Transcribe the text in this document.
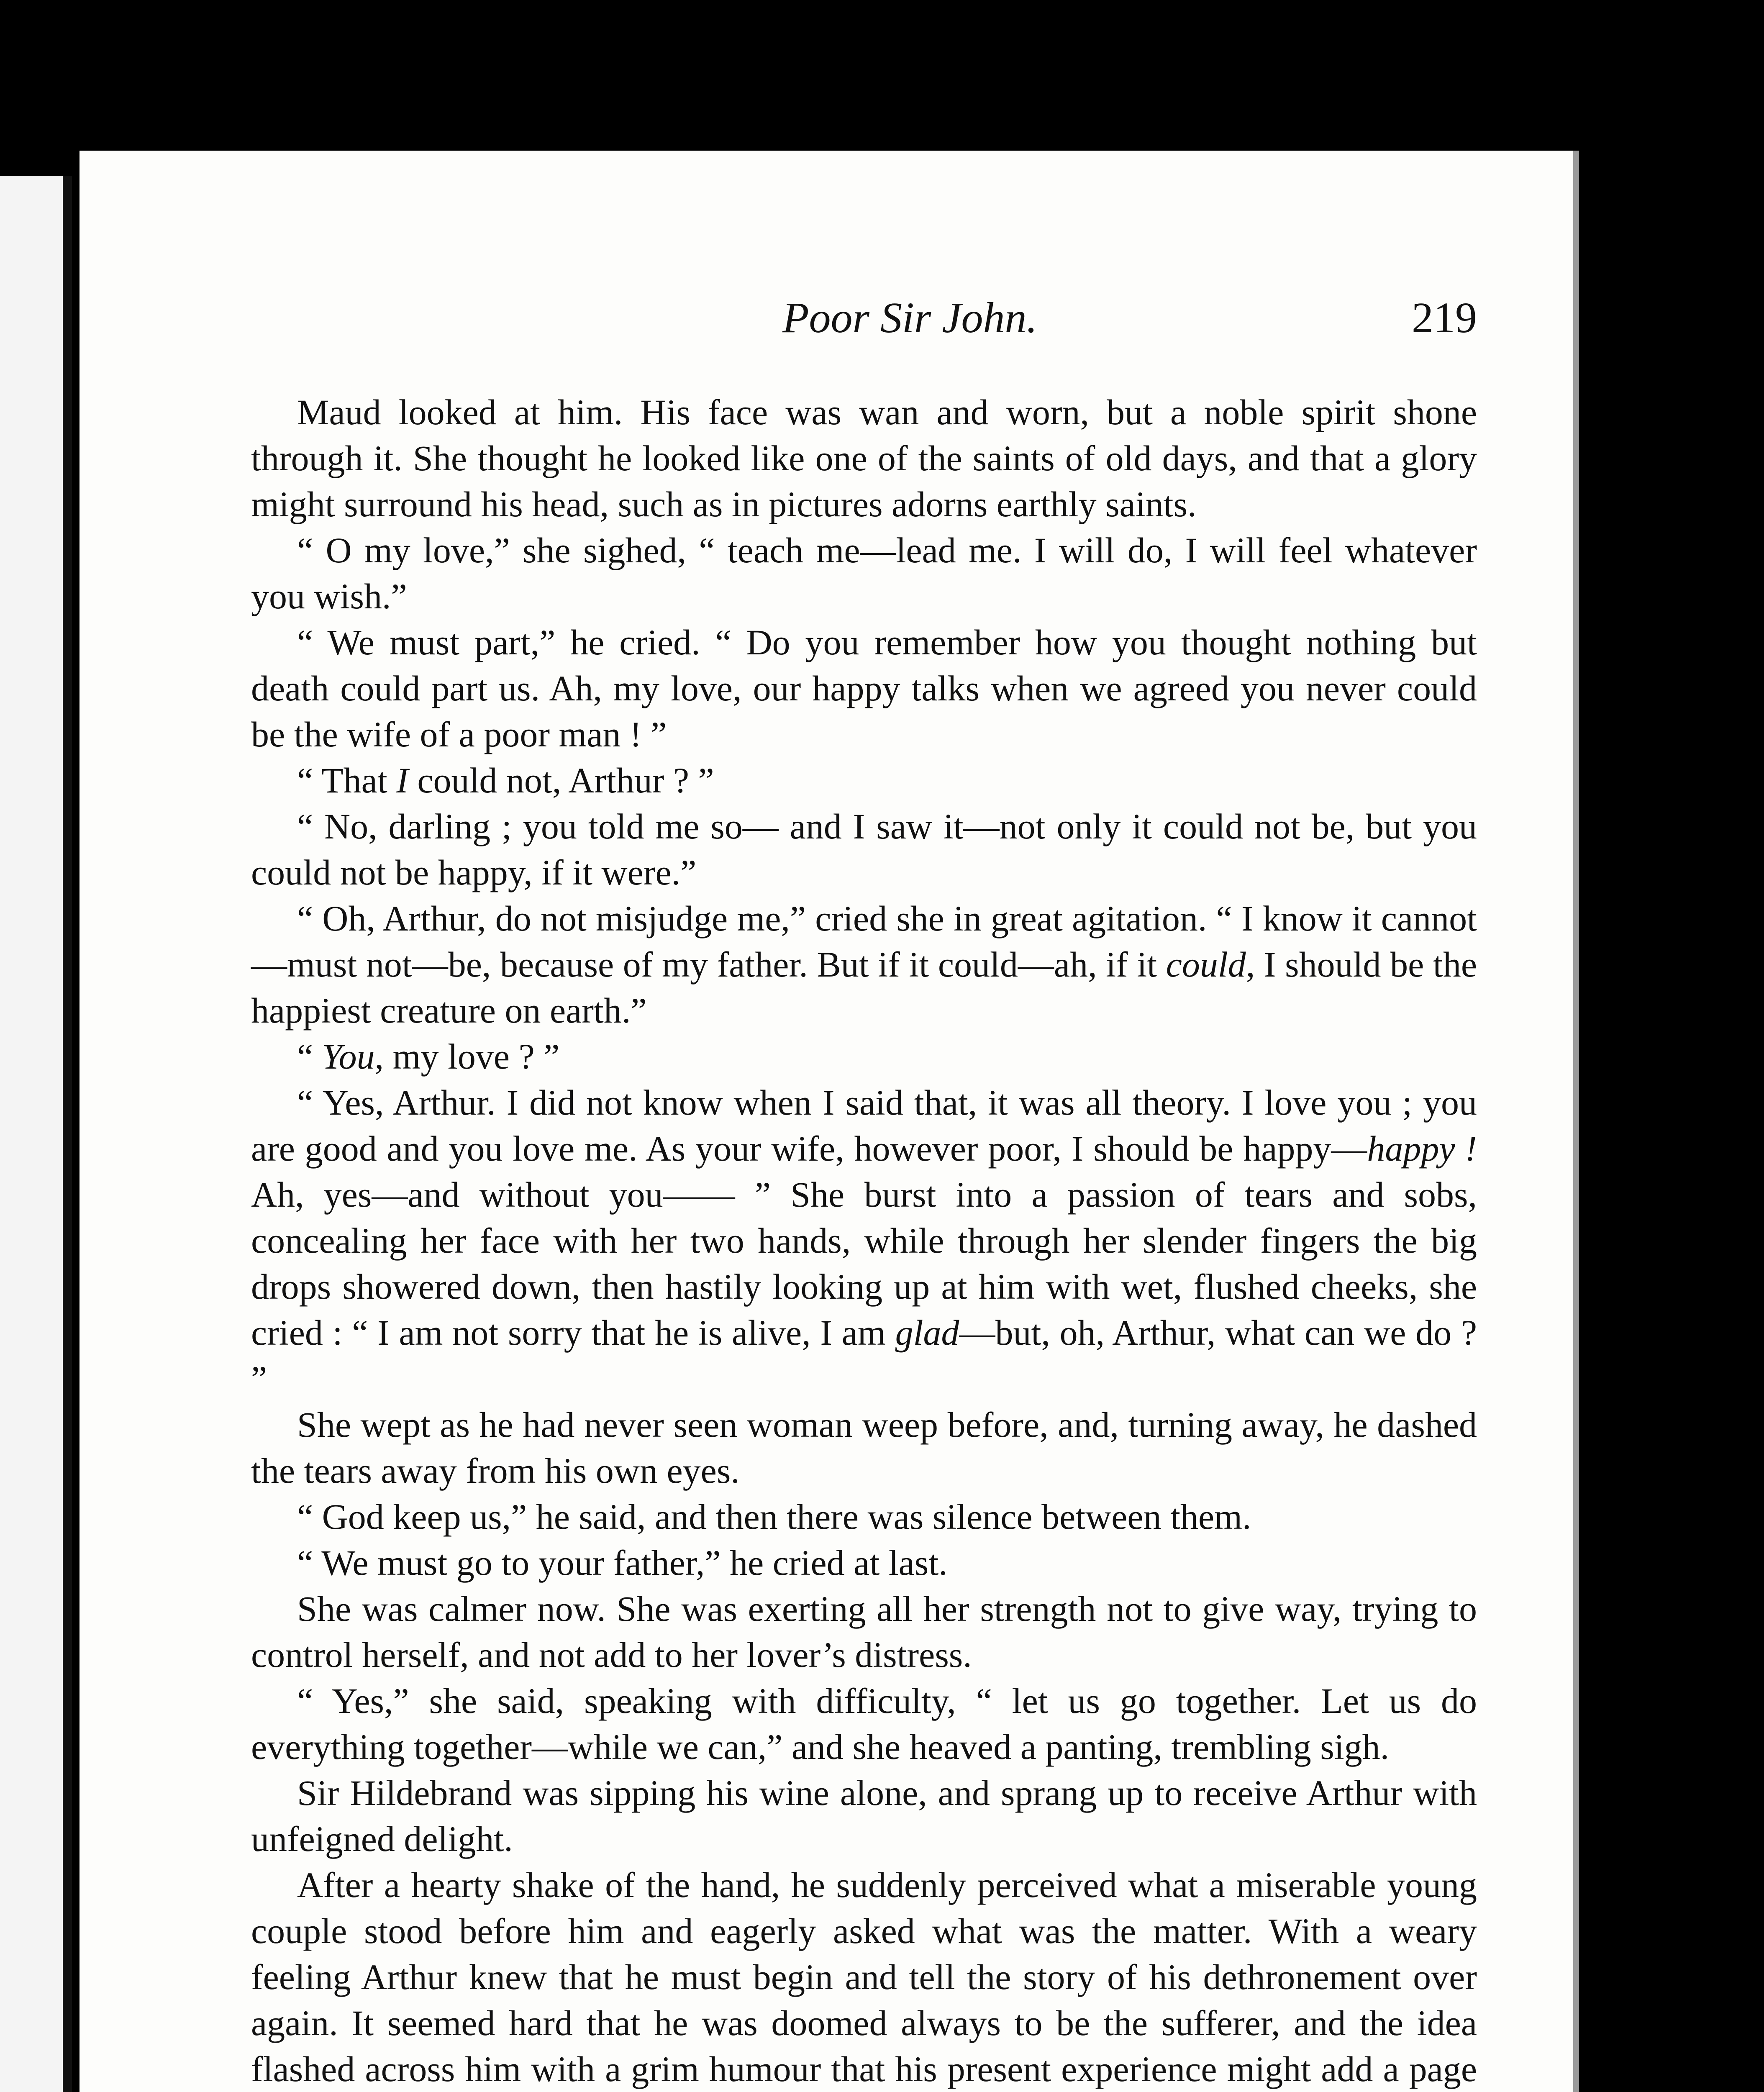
Poor Sir John.	219

Maud looked at him. His face was wan and worn, but a noble spirit shone through it. She thought he looked like one of the saints of old days, and that a glory might surround his head, such as in pictures adorns earthly saints.

“ O my love,” she sighed, “ teach me—lead me. I will do, I will feel whatever you wish.”

“ We must part,” he cried. “ Do you remember how you thought nothing but death could part us. Ah, my love, our happy talks when we agreed you never could be the wife of a poor man ! ”

“ That I could not, Arthur ? ”

“ No, darling ; you told me so— and I saw it—not only it could not be, but you could not be happy, if it were.”

“ Oh, Arthur, do not misjudge me,” cried she in great agitation. “ I know it cannot—must not—be, because of my father. But if it could—ah, if it could, I should be the happiest creature on earth.”

“ You, my love ? ”

“ Yes, Arthur. I did not know when I said that, it was all theory. I love you ; you are good and you love me. As your wife, however poor, I should be happy—happy ! Ah, yes—and without you—— ” She burst into a passion of tears and sobs, concealing her face with her two hands, while through her slender fingers the big drops showered down, then hastily looking up at him with wet, flushed cheeks, she cried : “ I am not sorry that he is alive, I am glad—but, oh, Arthur, what can we do ? ”

She wept as he had never seen woman weep before, and, turning away, he dashed the tears away from his own eyes.

“ God keep us,” he said, and then there was silence between them.

“ We must go to your father,” he cried at last.

She was calmer now. She was exerting all her strength not to give way, trying to control herself, and not add to her lover’s distress.

“ Yes,” she said, speaking with difficulty, “ let us go together. Let us do everything together—while we can,” and she heaved a panting, trembling sigh.

Sir Hildebrand was sipping his wine alone, and sprang up to receive Arthur with unfeigned delight.

After a hearty shake of the hand, he suddenly perceived what a miserable young couple stood before him and eagerly asked what was the matter. With a weary feeling Arthur knew that he must begin and tell the story of his dethronement over again. It seemed hard that he was doomed always to be the sufferer, and the idea flashed across him with a grim humour that his present experience might add a page
